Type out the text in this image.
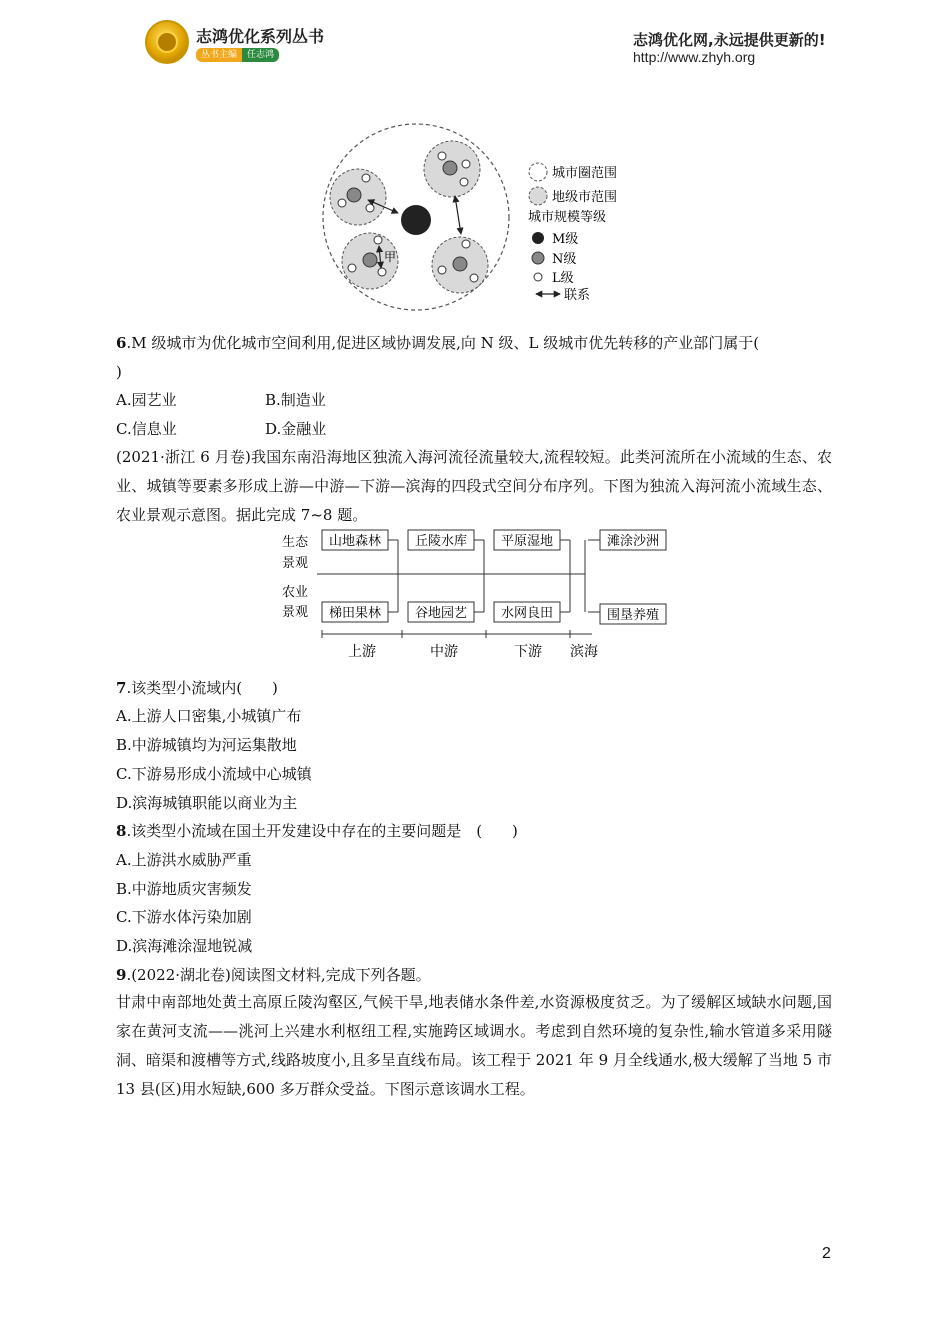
志鸿优化系列丛书
丛书主编	任志鸿
志鸿优化网,永远提供更新的!
http://www.zhyh.org
甲
城市圈范围
地级市范围
城市规模等级
M级
N级
L级
联系
6.M 级城市为优化城市空间利用,促进区域协调发展,向 N 级、L 级城市优先转移的产业部门属于(
)
A.园艺业	B.制造业
C.信息业	D.金融业
(2021·浙江 6 月卷)我国东南沿海地区独流入海河流径流量较大,流程较短。此类河流所在小流域的生态、农业、城镇等要素多形成上游—中游—下游—滨海的四段式空间分布序列。下图为独流入海河流小流域生态、农业景观示意图。据此完成 7~8 题。
生态
景观
农业
景观
山地森林	丘陵水库	平原湿地	滩涂沙洲
梯田果林	谷地园艺	水网良田	围垦养殖
上游	中游	下游 滨海
7.该类型小流域内(　　)
A.上游人口密集,小城镇广布
B.中游城镇均为河运集散地
C.下游易形成小流域中心城镇
D.滨海城镇职能以商业为主
8.该类型小流域在国土开发建设中存在的主要问题是　(　　)
A.上游洪水威胁严重
B.中游地质灾害频发
C.下游水体污染加剧
D.滨海滩涂湿地锐减
9.(2022·湖北卷)阅读图文材料,完成下列各题。
甘肃中南部地处黄土高原丘陵沟壑区,气候干旱,地表储水条件差,水资源极度贫乏。为了缓解区域缺水问题,国家在黄河支流——洮河上兴建水利枢纽工程,实施跨区域调水。考虑到自然环境的复杂性,输水管道多采用隧洞、暗渠和渡槽等方式,线路坡度小,且多呈直线布局。该工程于 2021 年 9 月全线通水,极大缓解了当地 5 市 13 县(区)用水短缺,600 多万群众受益。下图示意该调水工程。
2
